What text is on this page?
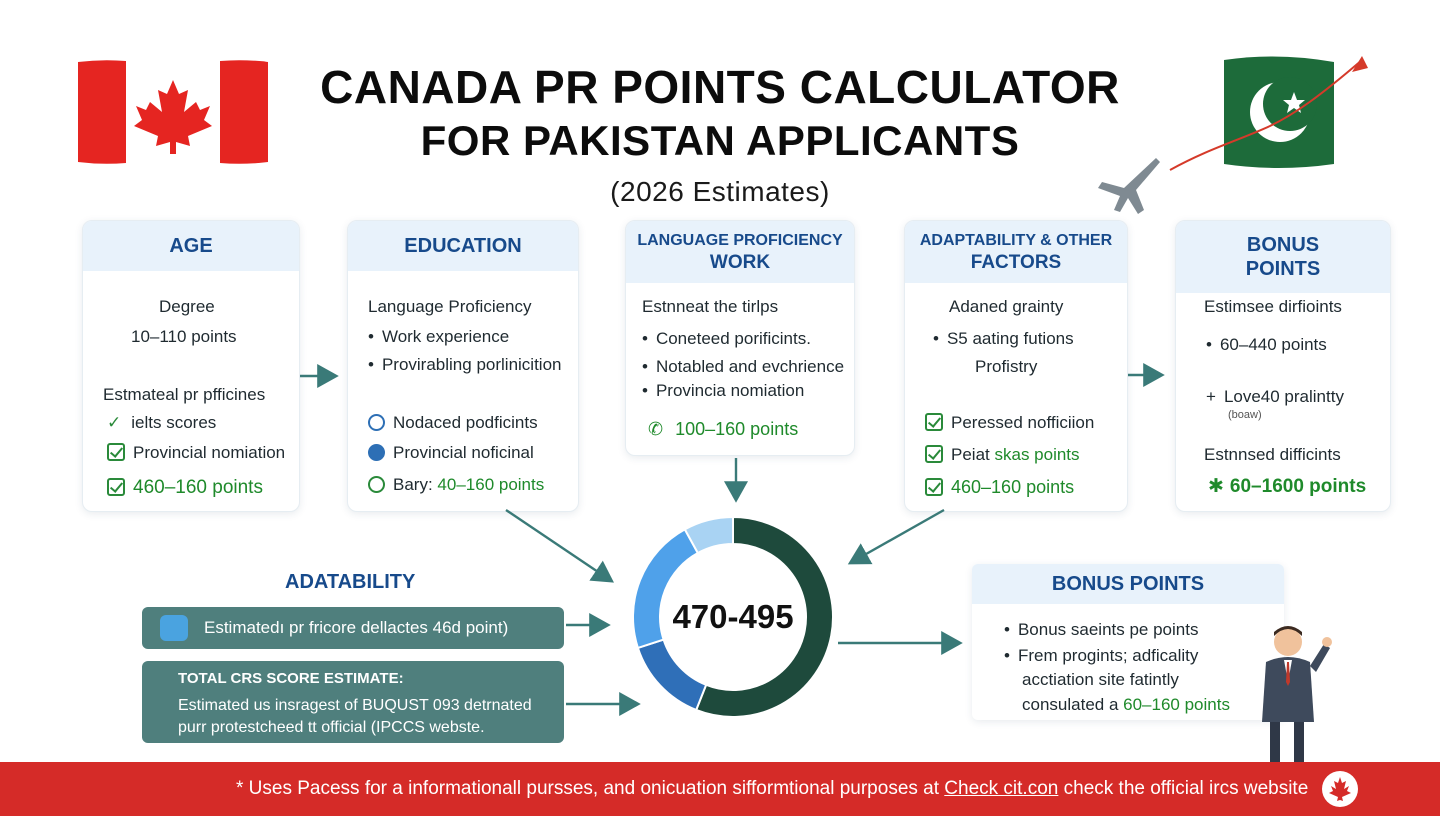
CANADA PR POINTS CALCULATOR
FOR PAKISTAN APPLICANTS
(2026 Estimates)
AGE
Degree
10–110 points
Estmateal pr pfficines
✓ ielts scores
Provincial nomiation
460–160 points
EDUCATION
Language Proficiency
• Work experience
• Provirabling porlinicition
Nodaced podficints
Provincial noficinal
Bary: 40–160 points
LANGUAGE PROFICIENCY
WORK
Estnneat the tirlps
• Coneteed porificints.
• Notabled and evchrience
• Provincia nomiation
✆ 100–160 points
ADAPTABILITY & OTHER
FACTORS
Adaned grainty
• S5 aating futions
Profistry
Peressed nofficiion
Peiat skas points
460–160 points
BONUS
POINTS
Estimsee dirfioints
• 60–440 points
+ Love40 pralintty
(boaw)
Estnnsed difficints
✱ 60–1600 points
470-495
ADATABILITY
Estimatedı pr fricore dellactes 46d point)
TOTAL CRS SCORE ESTIMATE:
Estimated us insragest of BUQUST 093 detrnated
purr protestcheed tt official (IPCCS webste.
BONUS POINTS
• Bonus saeints pe points
• Frem progints; adficality
acctiation site fatintly
consulated a 60–160 points
* Uses Pacess for a informationall pursses, and onicuation sifformtional purposes at Check cit.con check the official ircs website
